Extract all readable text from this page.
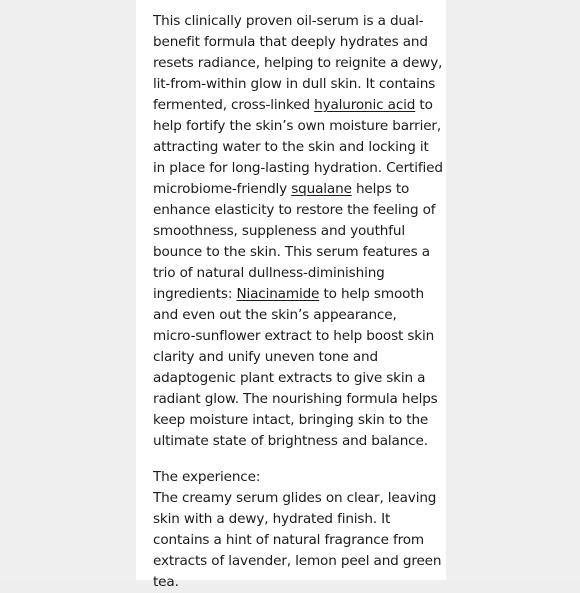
This clinically proven oil-serum is a dual-benefit formula that deeply hydrates and resets radiance, helping to reignite a dewy, lit-from-within glow in dull skin. It contains fermented, cross-linked hyaluronic acid to help fortify the skin’s own moisture barrier, attracting water to the skin and locking it in place for long-lasting hydration. Certified microbiome-friendly squalane helps to enhance elasticity to restore the feeling of smoothness, suppleness and youthful bounce to the skin. This serum features a trio of natural dullness-diminishing ingredients: Niacinamide to help smooth and even out the skin’s appearance, micro-sunflower extract to help boost skin clarity and unify uneven tone and adaptogenic plant extracts to give skin a radiant glow. The nourishing formula helps keep moisture intact, bringing skin to the ultimate state of brightness and balance.

The experience:

The creamy serum glides on clear, leaving skin with a dewy, hydrated finish. It contains a hint of natural fragrance from extracts of lavender, lemon peel and green tea.
